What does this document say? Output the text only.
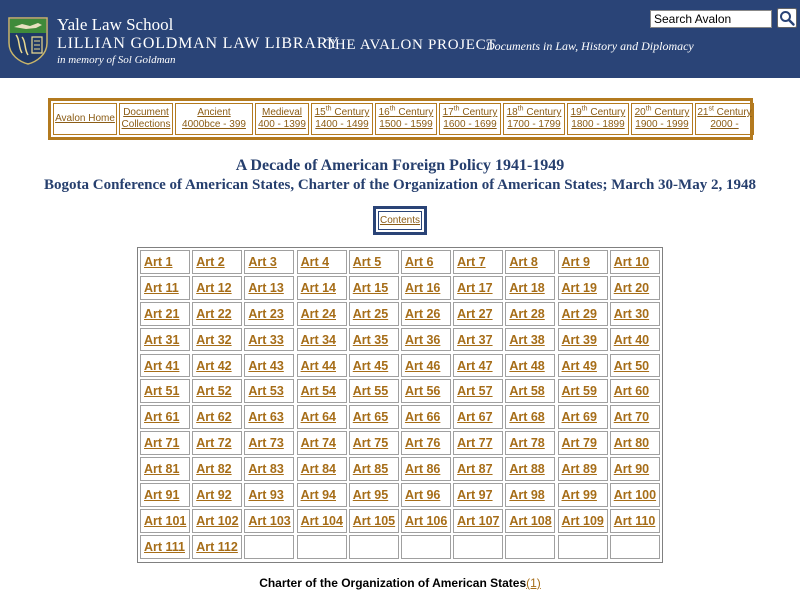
Yale Law School
LILLIAN GOLDMAN LAW LIBRARY
in memory of Sol Goldman
THE AVALON PROJECT
Documents in Law, History and Diplomacy
Search Avalon
Avalon Home
Document
Collections
Ancient
4000bce - 399
Medieval
400 - 1399
15th Century
1400 - 1499
16th Century
1500 - 1599
17th Century
1600 - 1699
18th Century
1700 - 1799
19th Century
1800 - 1899
20th Century
1900 - 1999
21st Century
2000 -
A Decade of American Foreign Policy 1941-1949
Bogota Conference of American States, Charter of the Organization of American States; March 30-May 2, 1948
Contents
Art 1	Art 2	Art 3	Art 4	Art 5	Art 6	Art 7	Art 8	Art 9	Art 10
Art 11	Art 12	Art 13	Art 14	Art 15	Art 16	Art 17	Art 18	Art 19	Art 20
Art 21	Art 22	Art 23	Art 24	Art 25	Art 26	Art 27	Art 28	Art 29	Art 30
Art 31	Art 32	Art 33	Art 34	Art 35	Art 36	Art 37	Art 38	Art 39	Art 40
Art 41	Art 42	Art 43	Art 44	Art 45	Art 46	Art 47	Art 48	Art 49	Art 50
Art 51	Art 52	Art 53	Art 54	Art 55	Art 56	Art 57	Art 58	Art 59	Art 60
Art 61	Art 62	Art 63	Art 64	Art 65	Art 66	Art 67	Art 68	Art 69	Art 70
Art 71	Art 72	Art 73	Art 74	Art 75	Art 76	Art 77	Art 78	Art 79	Art 80
Art 81	Art 82	Art 83	Art 84	Art 85	Art 86	Art 87	Art 88	Art 89	Art 90
Art 91	Art 92	Art 93	Art 94	Art 95	Art 96	Art 97	Art 98	Art 99	Art 100
Art 101 Art 102 Art 103 Art 104 Art 105 Art 106 Art 107 Art 108 Art 109 Art 110
Art 111 Art 112
Charter of the Organization of American States(1)
